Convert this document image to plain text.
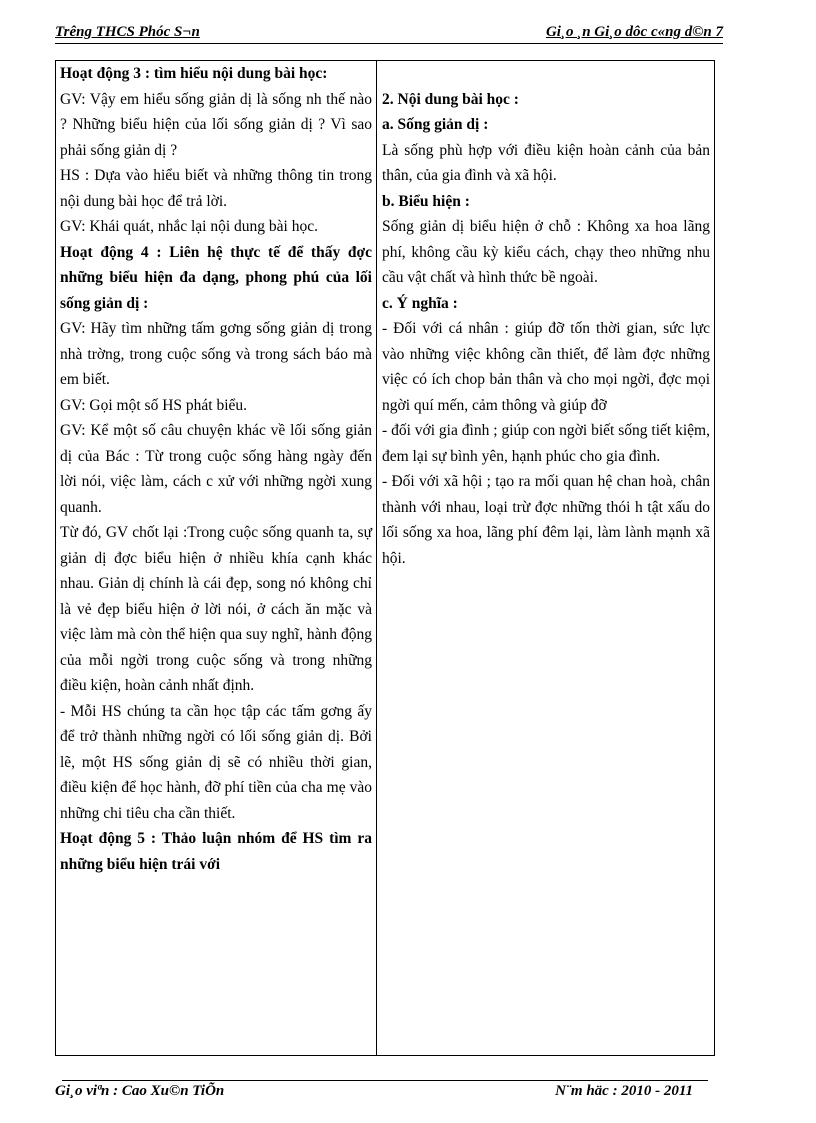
Trêng THCS Phóc S¬n	Gi¸o ¸n Gi¸o dôc c«ng d©n 7

Hoạt động 3 : tìm hiểu nội dung bài học:

GV: Vậy em hiểu sống giản dị là sống nh thế nào ? Những biểu hiện của lối sống giản dị ? Vì sao phải sống giản dị ?

HS : Dựa vào hiểu biết và những thông tin trong nội dung bài học để trả lời.

GV: Khái quát, nhắc lại nội dung bài học.

Hoạt động 4 : Liên hệ thực tế để thấy đợc những biểu hiện đa dạng, phong phú của lối sống giản dị :

GV: Hãy tìm những tấm gơng sống giản dị trong nhà trờng, trong cuộc sống và trong sách báo mà em biết.

GV: Gọi một số HS phát biểu.

GV: Kể một số câu chuyện khác về lối sống giản dị của Bác : Từ trong cuộc sống hàng ngày đến lời nói, việc làm, cách c xử với những ngời xung quanh.

Từ đó, GV chốt lại :Trong cuộc sống quanh ta, sự giản dị đợc biểu hiện ở nhiều khía cạnh khác nhau. Giản dị chính là cái đẹp, song nó không chỉ là vẻ đẹp biểu hiện ở lời nói, ở cách ăn mặc và việc làm mà còn thể hiện qua suy nghĩ, hành động của mỗi ngời trong cuộc sống và trong những điều kiện, hoàn cảnh nhất định.

- Mỗi HS chúng ta cần học tập các tấm gơng ấy để trở thành những ngời có lối sống giản dị. Bởi lẽ, một HS sống giản dị sẽ có nhiều thời gian, điều kiện để học hành, đỡ phí tiền của cha mẹ vào những chi tiêu cha cần thiết.

Hoạt động 5 : Thảo luận nhóm để HS tìm ra những biểu hiện trái với

2. Nội dung bài học :

a. Sống giản dị :

Là sống phù hợp với điều kiện hoàn cảnh của bản thân, của gia đình và xã hội.

b. Biểu hiện :

Sống giản dị biểu hiện ở chỗ : Không xa hoa lãng phí, không cầu kỳ kiểu cách, chạy theo những nhu cầu vật chất và hình thức bề ngoài.

c. Ý nghĩa :

- Đối với cá nhân : giúp đỡ tốn thời gian, sức lực vào những việc không cần thiết, để làm đợc những việc có ích chop bản thân và cho mọi ngời, đợc mọi ngời quí mến, cảm thông và giúp đỡ

- đối với gia đình ; giúp con ngời biết sống tiết kiệm, đem lại sự bình yên, hạnh phúc cho gia đình.

- Đối với xã hội ; tạo ra mối quan hệ chan hoà, chân thành với nhau, loại trừ đợc những thói h tật xấu do lối sống xa hoa, lãng phí đêm lại, làm lành mạnh xã hội.

Gi¸o viªn : Cao Xu©n TiÕn	N¨m häc : 2010 - 2011
